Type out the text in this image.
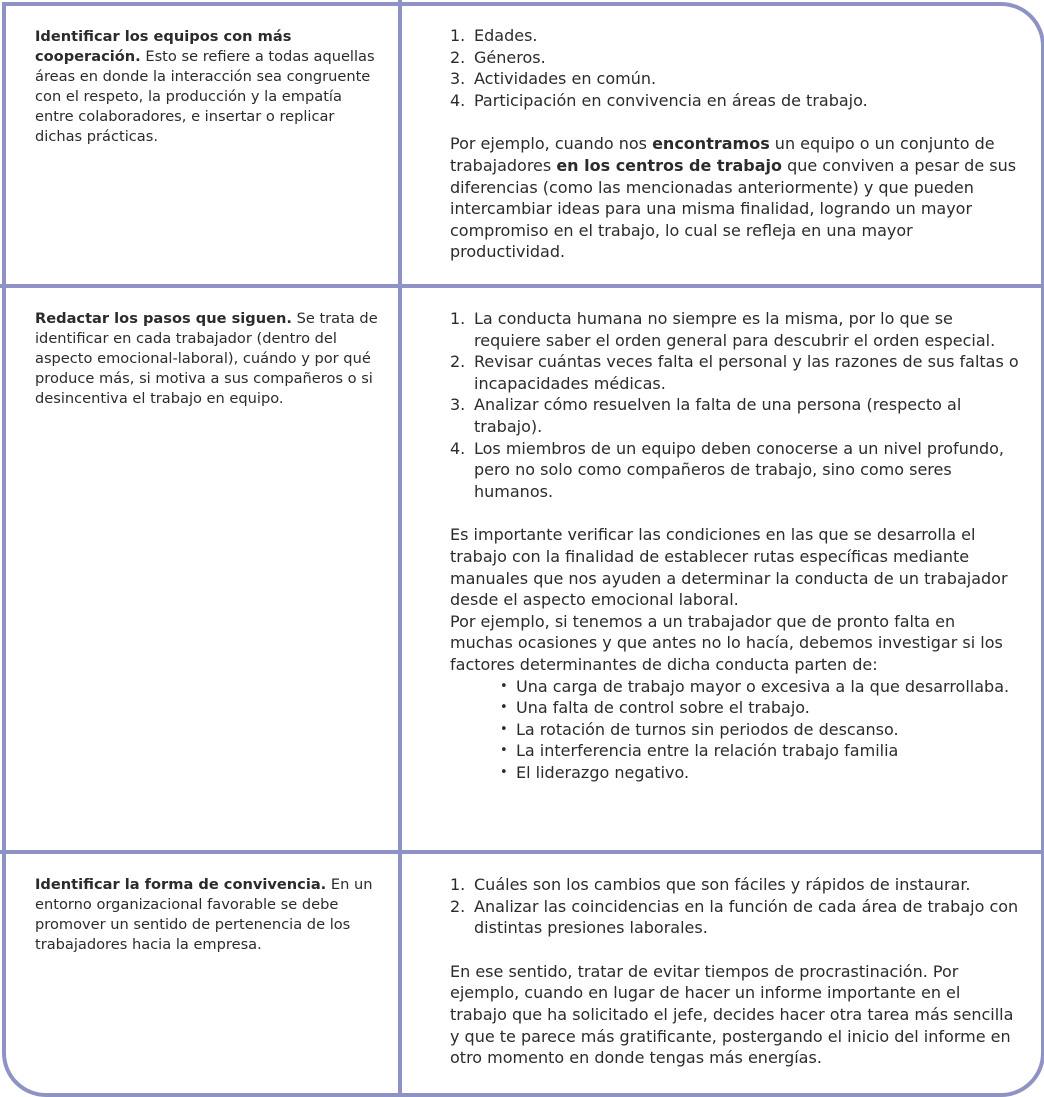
Identificar los equipos con más cooperación. Esto se refiere a todas aquellas áreas en donde la interacción sea congruente con el respeto, la producción y la empatía entre colaboradores, e insertar o replicar dichas prácticas.
1. Edades.
2. Géneros.
3. Actividades en común.
4. Participación en convivencia en áreas de trabajo.

Por ejemplo, cuando nos encontramos un equipo o un conjunto de trabajadores en los centros de trabajo que conviven a pesar de sus diferencias (como las mencionadas anteriormente) y que pueden intercambiar ideas para una misma finalidad, logrando un mayor compromiso en el trabajo, lo cual se refleja en una mayor productividad.

Redactar los pasos que siguen. Se trata de identificar en cada trabajador (dentro del aspecto emocional-laboral), cuándo y por qué produce más, si motiva a sus compañeros o si desincentiva el trabajo en equipo.
1. La conducta humana no siempre es la misma, por lo que se requiere saber el orden general para descubrir el orden especial.
2. Revisar cuántas veces falta el personal y las razones de sus faltas o incapacidades médicas.
3. Analizar cómo resuelven la falta de una persona (respecto al trabajo).
4. Los miembros de un equipo deben conocerse a un nivel profundo, pero no solo como compañeros de trabajo, sino como seres humanos.

Es importante verificar las condiciones en las que se desarrolla el trabajo con la finalidad de establecer rutas específicas mediante manuales que nos ayuden a determinar la conducta de un trabajador desde el aspecto emocional laboral.

Por ejemplo, si tenemos a un trabajador que de pronto falta en muchas ocasiones y que antes no lo hacía, debemos investigar si los factores determinantes de dicha conducta parten de:

• Una carga de trabajo mayor o excesiva a la que desarrollaba.
• Una falta de control sobre el trabajo.
• La rotación de turnos sin periodos de descanso.
• La interferencia entre la relación trabajo familia
• El liderazgo negativo.
Identificar la forma de convivencia. En un entorno organizacional favorable se debe promover un sentido de pertenencia de los trabajadores hacia la empresa.
1. Cuáles son los cambios que son fáciles y rápidos de instaurar.
2. Analizar las coincidencias en la función de cada área de trabajo con distintas presiones laborales.

En ese sentido, tratar de evitar tiempos de procrastinación. Por ejemplo, cuando en lugar de hacer un informe importante en el trabajo que ha solicitado el jefe, decides hacer otra tarea más sencilla y que te parece más gratificante, postergando el inicio del informe en otro momento en donde tengas más energías.
